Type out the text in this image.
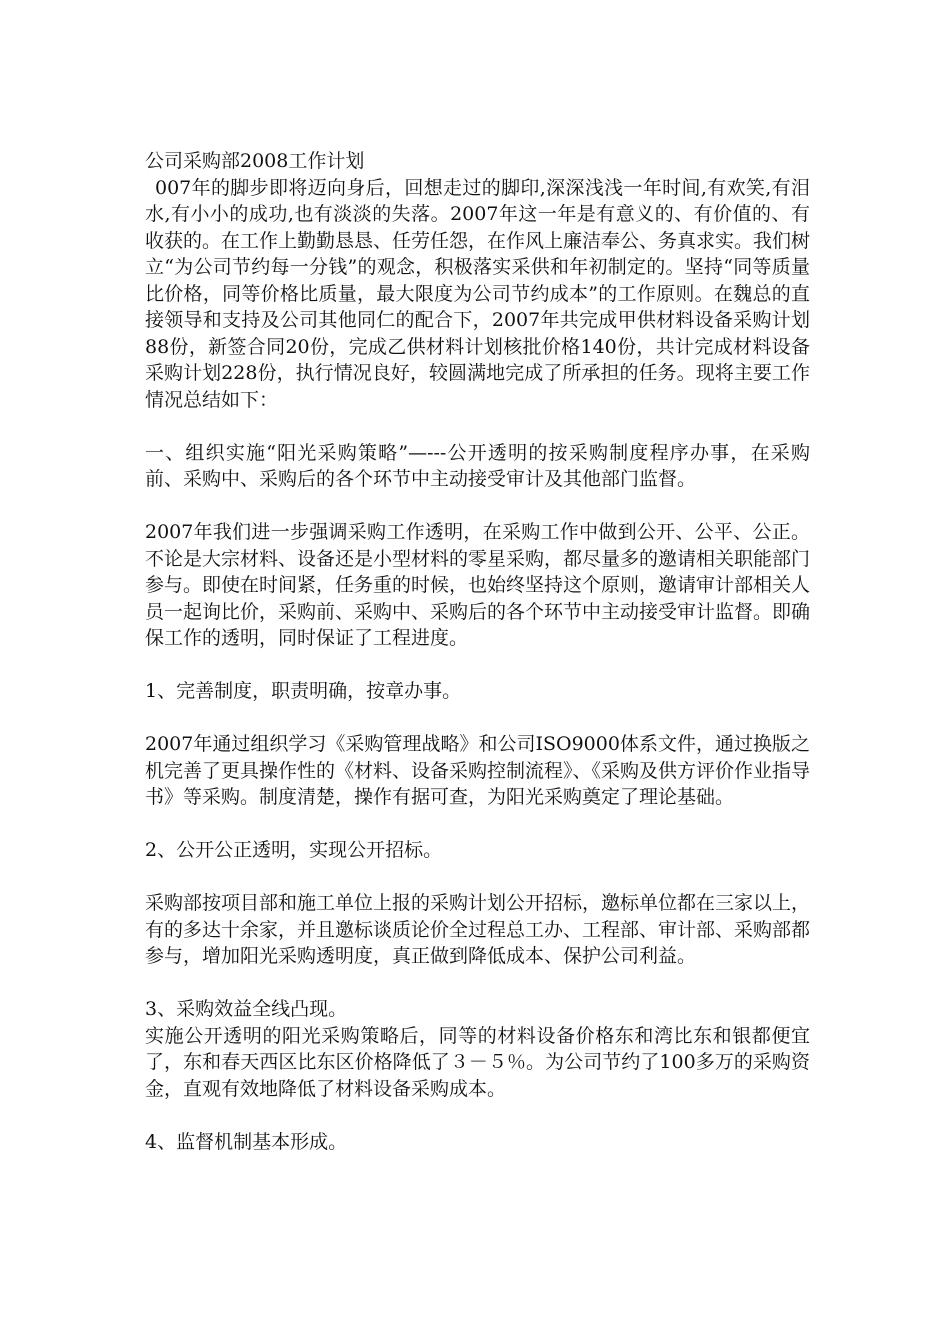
公司采购部2008工作计划

007年的脚步即将迈向身后，回想走过的脚印,深深浅浅一年时间,有欢笑,有泪水,有小小的成功,也有淡淡的失落。2007年这一年是有意义的、有价值的、有收获的。在工作上勤勤恳恳、任劳任怨，在作风上廉洁奉公、务真求实。我们树立“为公司节约每一分钱”的观念，积极落实采供和年初制定的。坚持“同等质量比价格，同等价格比质量，最大限度为公司节约成本”的工作原则。在魏总的直接领导和支持及公司其他同仁的配合下，2007年共完成甲供材料设备采购计划88份，新签合同20份，完成乙供材料计划核批价格140份，共计完成材料设备采购计划228份，执行情况良好，较圆满地完成了所承担的任务。现将主要工作情况总结如下：

一、组织实施“阳光采购策略”—---公开透明的按采购制度程序办事，在采购前、采购中、采购后的各个环节中主动接受审计及其他部门监督。

2007年我们进一步强调采购工作透明，在采购工作中做到公开、公平、公正。不论是大宗材料、设备还是小型材料的零星采购，都尽量多的邀请相关职能部门参与。即使在时间紧，任务重的时候，也始终坚持这个原则，邀请审计部相关人员一起询比价，采购前、采购中、采购后的各个环节中主动接受审计监督。即确保工作的透明，同时保证了工程进度。

1、完善制度，职责明确，按章办事。

2007年通过组织学习《采购管理战略》和公司ISO9000体系文件，通过换版之机完善了更具操作性的《材料、设备采购控制流程》、《采购及供方评价作业指导书》等采购。制度清楚，操作有据可查，为阳光采购奠定了理论基础。

2、公开公正透明，实现公开招标。

采购部按项目部和施工单位上报的采购计划公开招标，邀标单位都在三家以上，有的多达十余家，并且邀标谈质论价全过程总工办、工程部、审计部、采购部都参与，增加阳光采购透明度，真正做到降低成本、保护公司利益。

3、采购效益全线凸现。

实施公开透明的阳光采购策略后，同等的材料设备价格东和湾比东和银都便宜了，东和春天西区比东区价格降低了３－５％。为公司节约了100多万的采购资金，直观有效地降低了材料设备采购成本。

4、监督机制基本形成。
